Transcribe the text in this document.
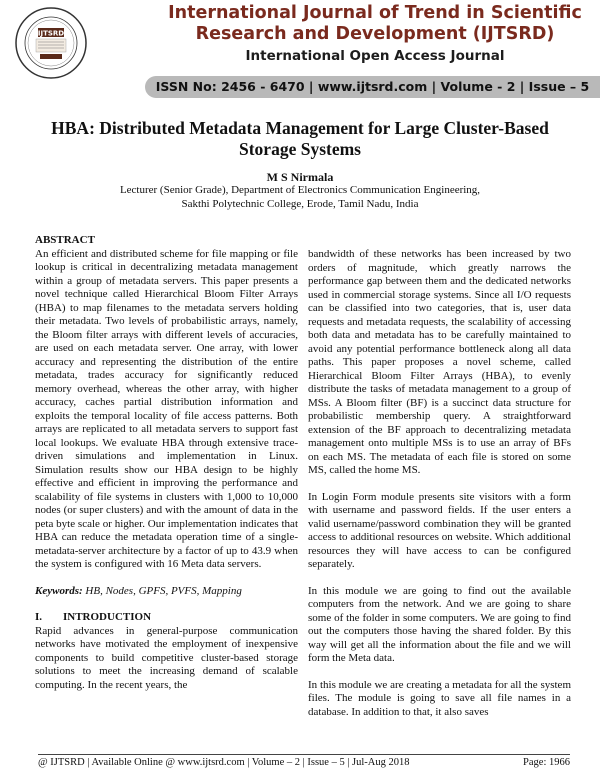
IJTSRD
International Journal of Trend in Scientific Research and Development (IJTSRD)
International Open Access Journal
ISSN No: 2456 - 6470 | www.ijtsrd.com | Volume - 2 | Issue – 5
HBA: Distributed Metadata Management for Large Cluster-Based Storage Systems
M S Nirmala
Lecturer (Senior Grade), Department of Electronics Communication Engineering,
Sakthi Polytechnic College, Erode, Tamil Nadu, India
ABSTRACT

An efficient and distributed scheme for file mapping or file lookup is critical in decentralizing metadata management within a group of metadata servers. This paper presents a novel technique called Hierarchical Bloom Filter Arrays (HBA) to map filenames to the metadata servers holding their metadata. Two levels of probabilistic arrays, namely, the Bloom filter arrays with different levels of accuracies, are used on each metadata server. One array, with lower accuracy and representing the distribution of the entire metadata, trades accuracy for significantly reduced memory overhead, whereas the other array, with higher accuracy, caches partial distribution information and exploits the temporal locality of file access patterns. Both arrays are replicated to all metadata servers to support fast local lookups. We evaluate HBA through extensive trace-driven simulations and implementation in Linux. Simulation results show our HBA design to be highly effective and efficient in improving the performance and scalability of file systems in clusters with 1,000 to 10,000 nodes (or super clusters) and with the amount of data in the peta byte scale or higher. Our implementation indicates that HBA can reduce the metadata operation time of a single-metadata-server architecture by a factor of up to 43.9 when the system is configured with 16 Meta data servers.

Keywords: HB, Nodes, GPFS, PVFS, Mapping

I. INTRODUCTION

Rapid advances in general-purpose communication networks have motivated the employment of inexpensive components to build competitive cluster-based storage solutions to meet the increasing demand of scalable computing. In the recent years, the

bandwidth of these networks has been increased by two orders of magnitude, which greatly narrows the performance gap between them and the dedicated networks used in commercial storage systems. Since all I/O requests can be classified into two categories, that is, user data requests and metadata requests, the scalability of accessing both data and metadata has to be carefully maintained to avoid any potential performance bottleneck along all data paths. This paper proposes a novel scheme, called Hierarchical Bloom Filter Arrays (HBA), to evenly distribute the tasks of metadata management to a group of MSs. A Bloom filter (BF) is a succinct data structure for probabilistic membership query. A straightforward extension of the BF approach to decentralizing metadata management onto multiple MSs is to use an array of BFs on each MS. The metadata of each file is stored on some MS, called the home MS.

In Login Form module presents site visitors with a form with username and password fields. If the user enters a valid username/password combination they will be granted access to additional resources on website. Which additional resources they will have access to can be configured separately.

In this module we are going to find out the available computers from the network. And we are going to share some of the folder in some computers. We are going to find out the computers those having the shared folder. By this way will get all the information about the file and we will form the Meta data.

In this module we are creating a metadata for all the system files. The module is going to save all file names in a database. In addition to that, it also saves

@ IJTSRD | Available Online @ www.ijtsrd.com | Volume – 2 | Issue – 5 | Jul-Aug 2018	Page: 1966
